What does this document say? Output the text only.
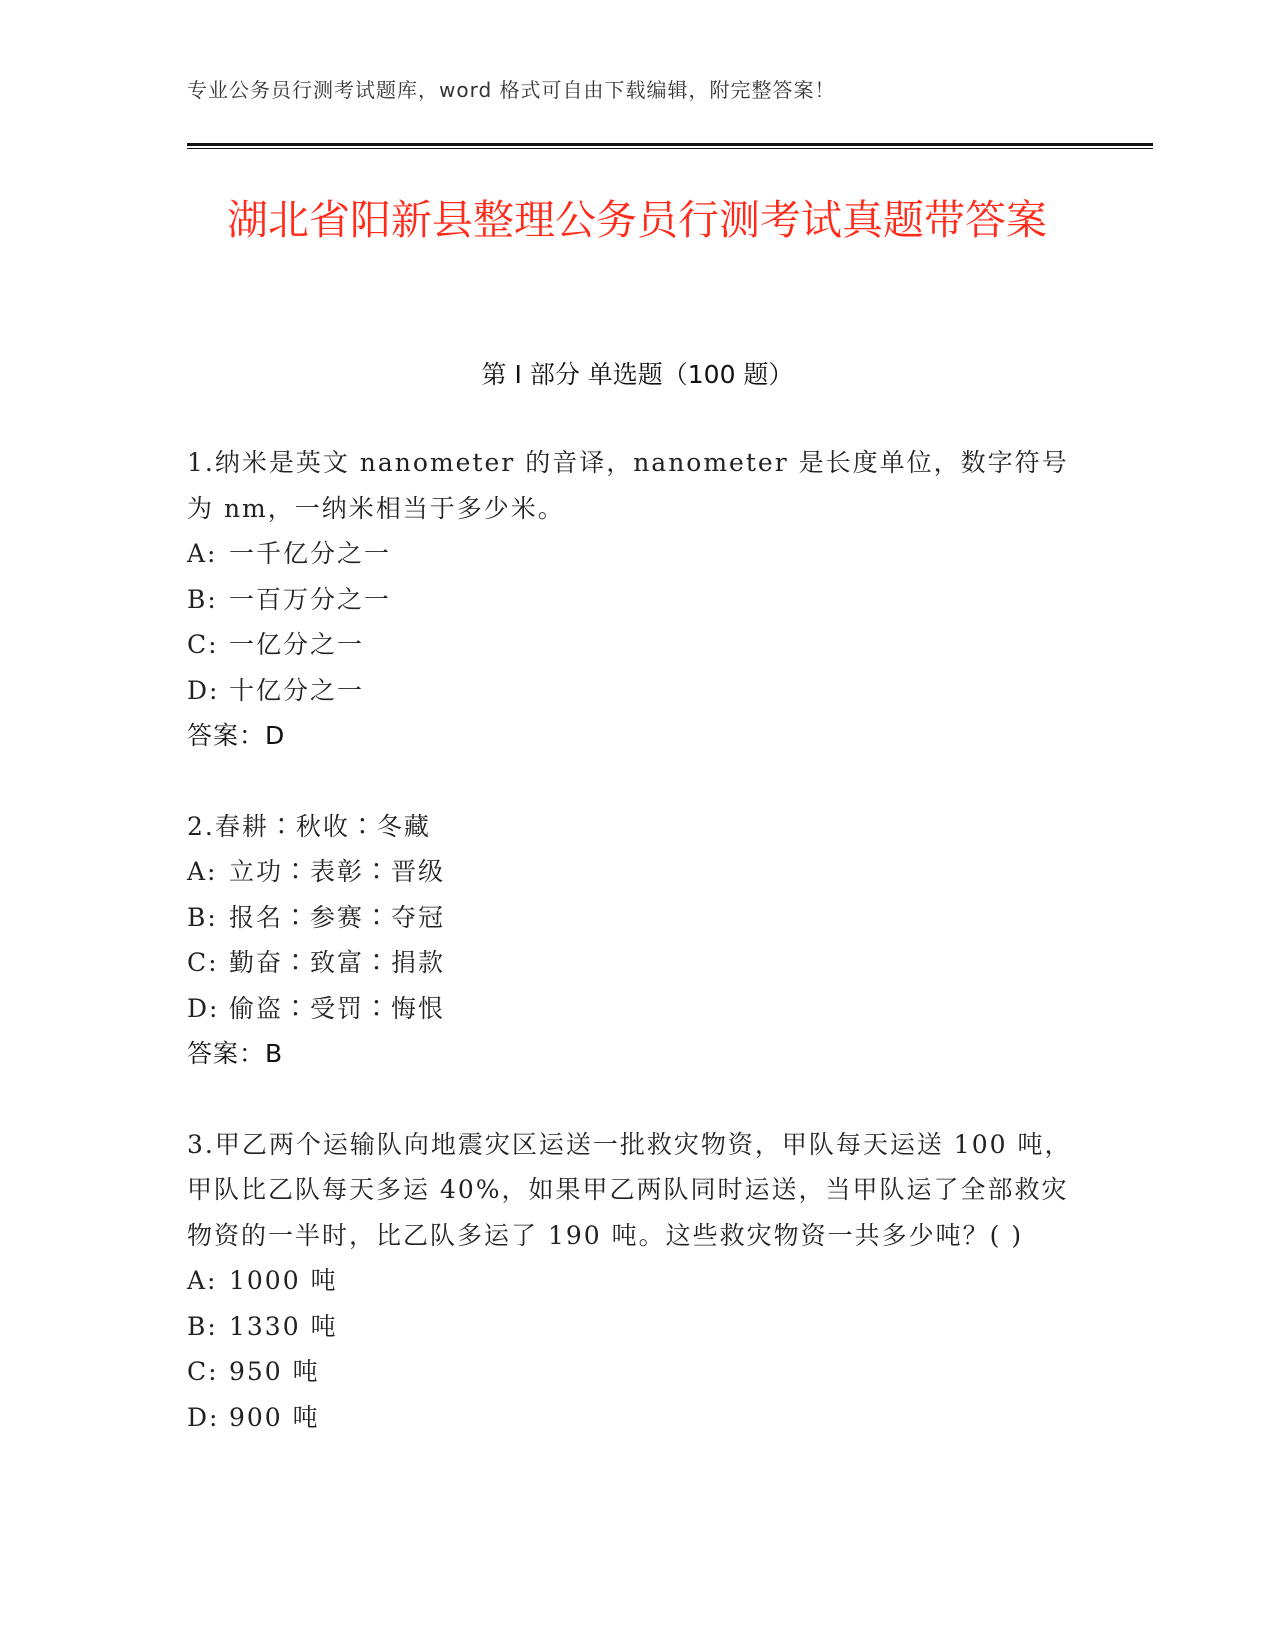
专业公务员行测考试题库，word 格式可自由下载编辑，附完整答案！
湖北省阳新县整理公务员行测考试真题带答案
第 I 部分 单选题（100 题）

1.纳米是英文 nanometer 的音译，nanometer 是长度单位，数字符号为 nm，一纳米相当于多少米。

A: 一千亿分之一

B: 一百万分之一

C: 一亿分之一

D: 十亿分之一

答案：D

2.春耕∶秋收∶冬藏

A: 立功∶表彰∶晋级

B: 报名∶参赛∶夺冠

C: 勤奋∶致富∶捐款

D: 偷盗∶受罚∶悔恨

答案：B

3.甲乙两个运输队向地震灾区运送一批救灾物资，甲队每天运送 100 吨，甲队比乙队每天多运 40%，如果甲乙两队同时运送，当甲队运了全部救灾物资的一半时，比乙队多运了 190 吨。这些救灾物资一共多少吨？( )

A: 1000 吨

B: 1330 吨

C: 950 吨

D: 900 吨
